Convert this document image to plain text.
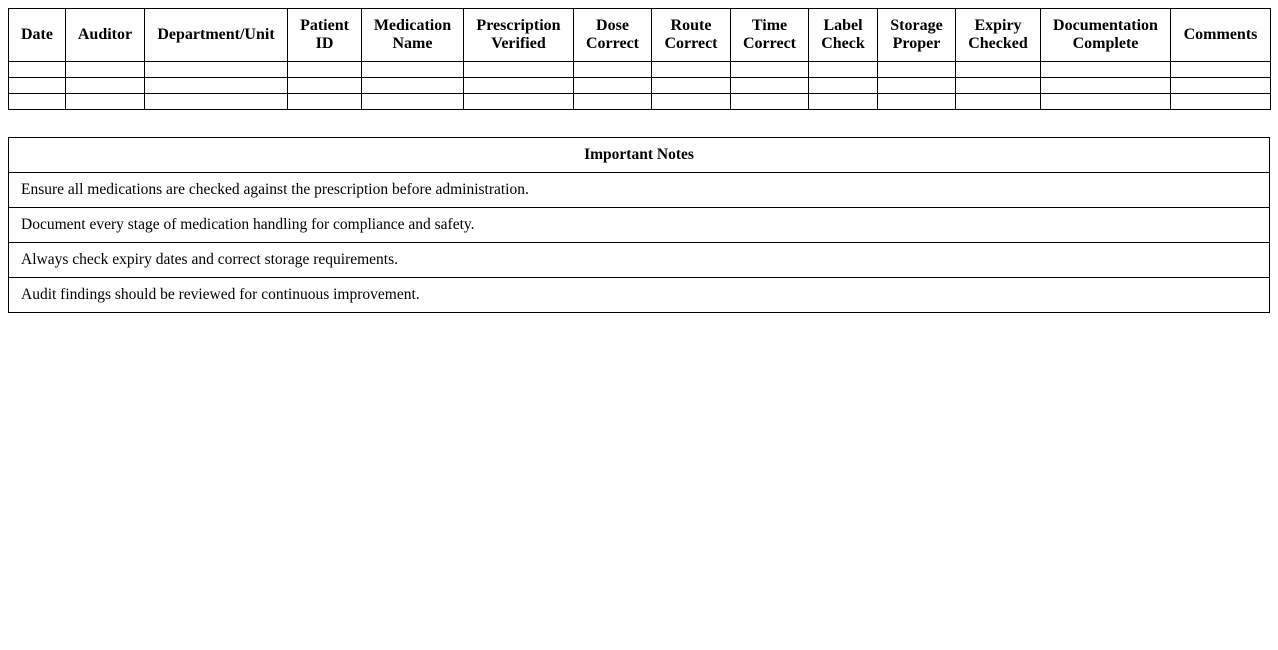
Date	Auditor	Department/Unit	Patient ID	Medication Name	Prescription Verified	Dose Correct	Route Correct	Time Correct	Label Check	Storage Proper	Expiry Checked	Documentation Complete	Comments

Important Notes
Ensure all medications are checked against the prescription before administration.
Document every stage of medication handling for compliance and safety.
Always check expiry dates and correct storage requirements.
Audit findings should be reviewed for continuous improvement.
